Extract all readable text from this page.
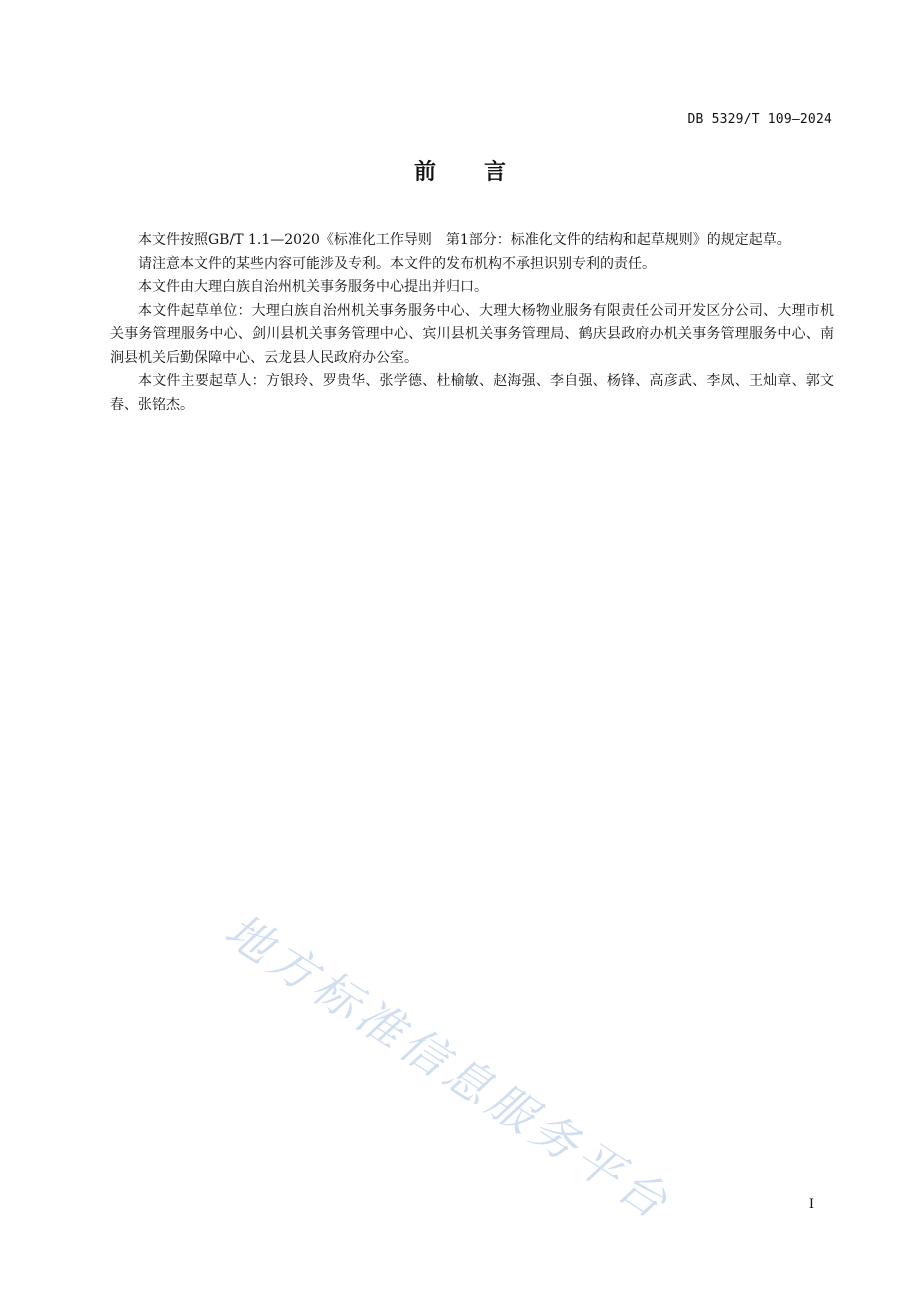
DB 5329/T 109—2024
前言

本文件按照GB/T 1.1—2020《标准化工作导则　第1部分：标准化文件的结构和起草规则》的规定起草。

请注意本文件的某些内容可能涉及专利。本文件的发布机构不承担识别专利的责任。

本文件由大理白族自治州机关事务服务中心提出并归口。

本文件起草单位：大理白族自治州机关事务服务中心、大理大杨物业服务有限责任公司开发区分公司、大理市机关事务管理服务中心、剑川县机关事务管理中心、宾川县机关事务管理局、鹤庆县政府办机关事务管理服务中心、南涧县机关后勤保障中心、云龙县人民政府办公室。

本文件主要起草人：方银玲、罗贵华、张学德、杜榆敏、赵海强、李自强、杨锋、高彦武、李凤、王灿章、郭文春、张铭杰。

地方标准信息服务平台	I
